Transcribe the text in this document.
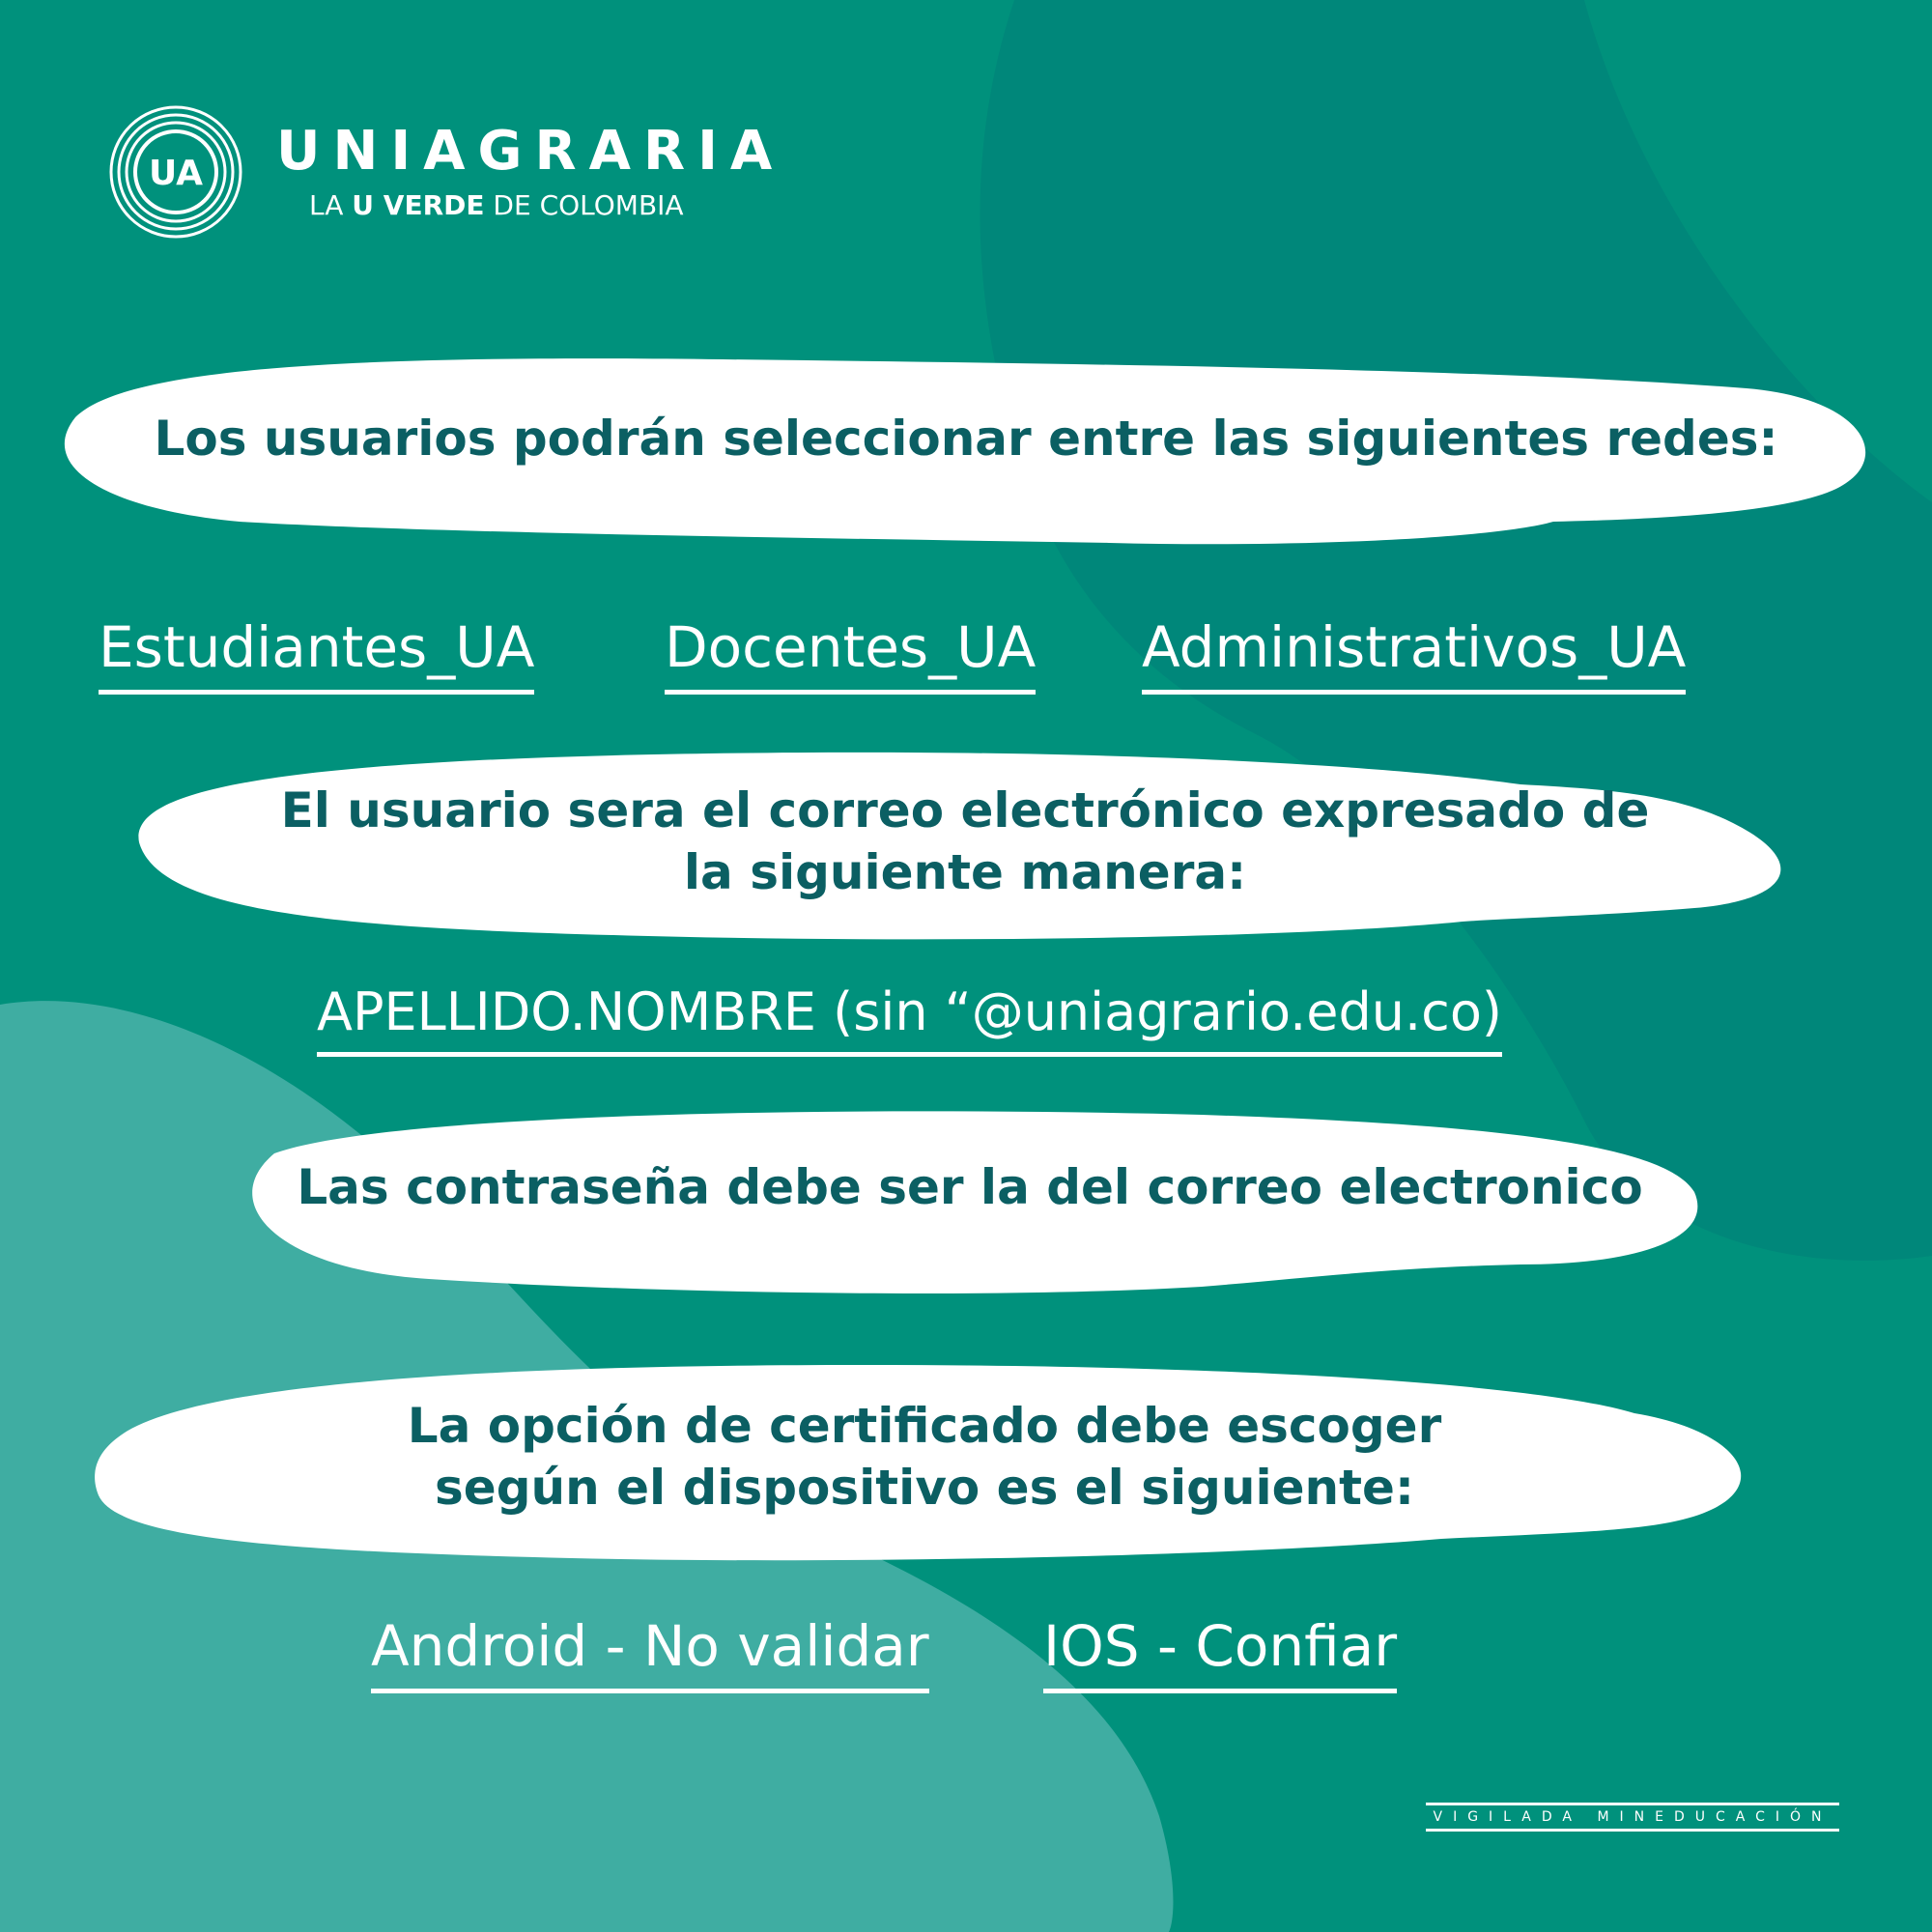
UA UNIAGRARIA
LA U VERDE DE COLOMBIA
Los usuarios podrán seleccionar entre las siguientes redes:
Estudiantes_UA Docentes_UA Administrativos_UA
El usuario sera el correo electrónico expresado de la siguiente manera:
APELLIDO.NOMBRE (sin “@uniagrario.edu.co)
Las contraseña debe ser la del correo electronico
La opción de certificado debe escoger según el dispositivo es el siguiente:
Android - No validar IOS - Confiar
VIGILADA MINEDUCACIÓN
